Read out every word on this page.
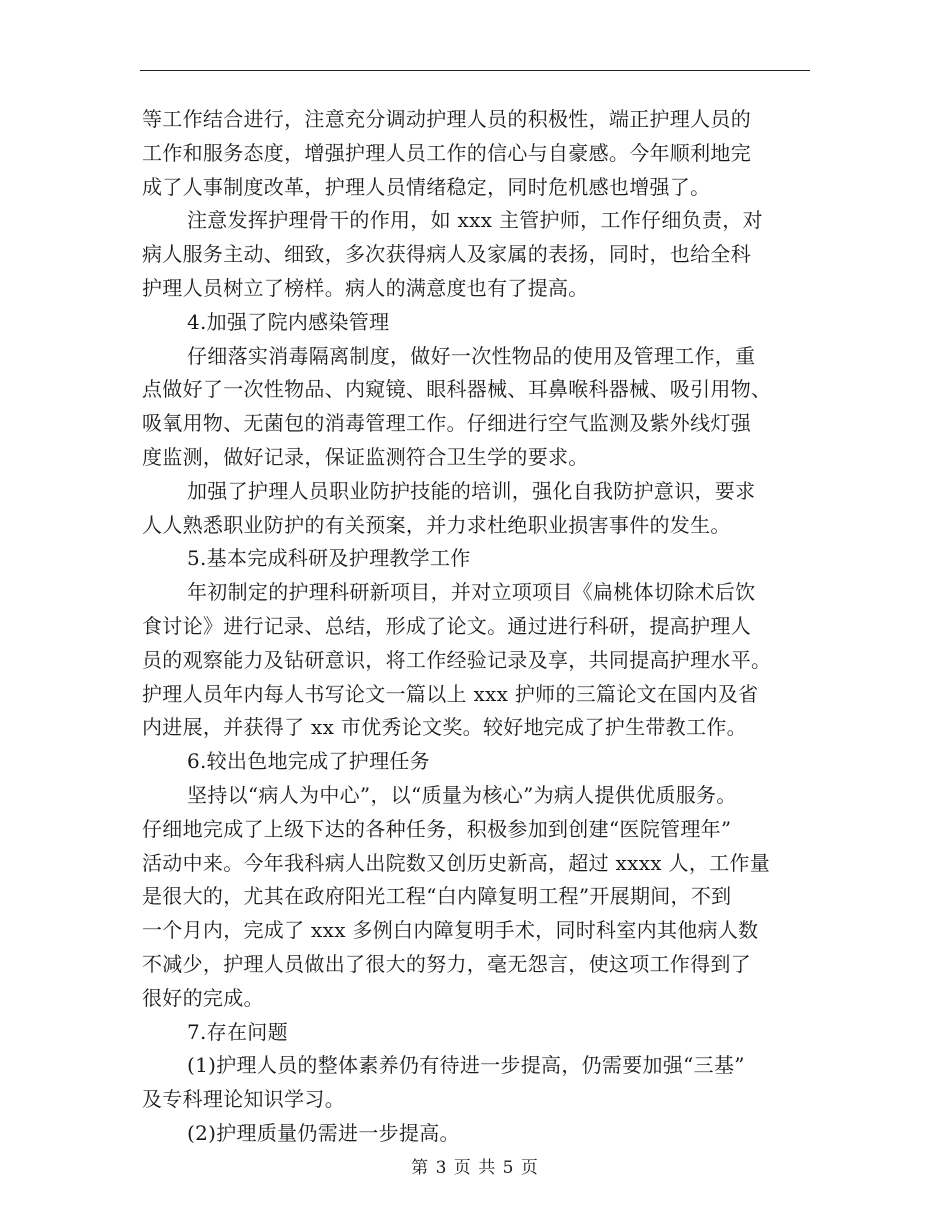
等工作结合进行，注意充分调动护理人员的积极性，端正护理人员的

工作和服务态度，增强护理人员工作的信心与自豪感。今年顺利地完

成了人事制度改革，护理人员情绪稳定，同时危机感也增强了。

注意发挥护理骨干的作用，如 xxx 主管护师，工作仔细负责，对

病人服务主动、细致，多次获得病人及家属的表扬，同时，也给全科

护理人员树立了榜样。病人的满意度也有了提高。

4.加强了院内感染管理

仔细落实消毒隔离制度，做好一次性物品的使用及管理工作，重

点做好了一次性物品、内窥镜、眼科器械、耳鼻喉科器械、吸引用物、

吸氧用物、无菌包的消毒管理工作。仔细进行空气监测及紫外线灯强

度监测，做好记录，保证监测符合卫生学的要求。

加强了护理人员职业防护技能的培训，强化自我防护意识，要求

人人熟悉职业防护的有关预案，并力求杜绝职业损害事件的发生。

5.基本完成科研及护理教学工作

年初制定的护理科研新项目，并对立项项目《扁桃体切除术后饮

食讨论》进行记录、总结，形成了论文。通过进行科研，提高护理人

员的观察能力及钻研意识，将工作经验记录及享，共同提高护理水平。

护理人员年内每人书写论文一篇以上 xxx 护师的三篇论文在国内及省

内进展，并获得了 xx 市优秀论文奖。较好地完成了护生带教工作。

6.较出色地完成了护理任务

坚持以“病人为中心”，以“质量为核心”为病人提供优质服务。

仔细地完成了上级下达的各种任务，积极参加到创建“医院管理年”

活动中来。今年我科病人出院数又创历史新高，超过 xxxx 人，工作量

是很大的，尤其在政府阳光工程“白内障复明工程”开展期间，不到

一个月内，完成了 xxx 多例白内障复明手术，同时科室内其他病人数

不减少，护理人员做出了很大的努力，毫无怨言，使这项工作得到了

很好的完成。

7.存在问题

(1)护理人员的整体素养仍有待进一步提高，仍需要加强“三基”

及专科理论知识学习。

(2)护理质量仍需进一步提高。

第 3 页 共 5 页
